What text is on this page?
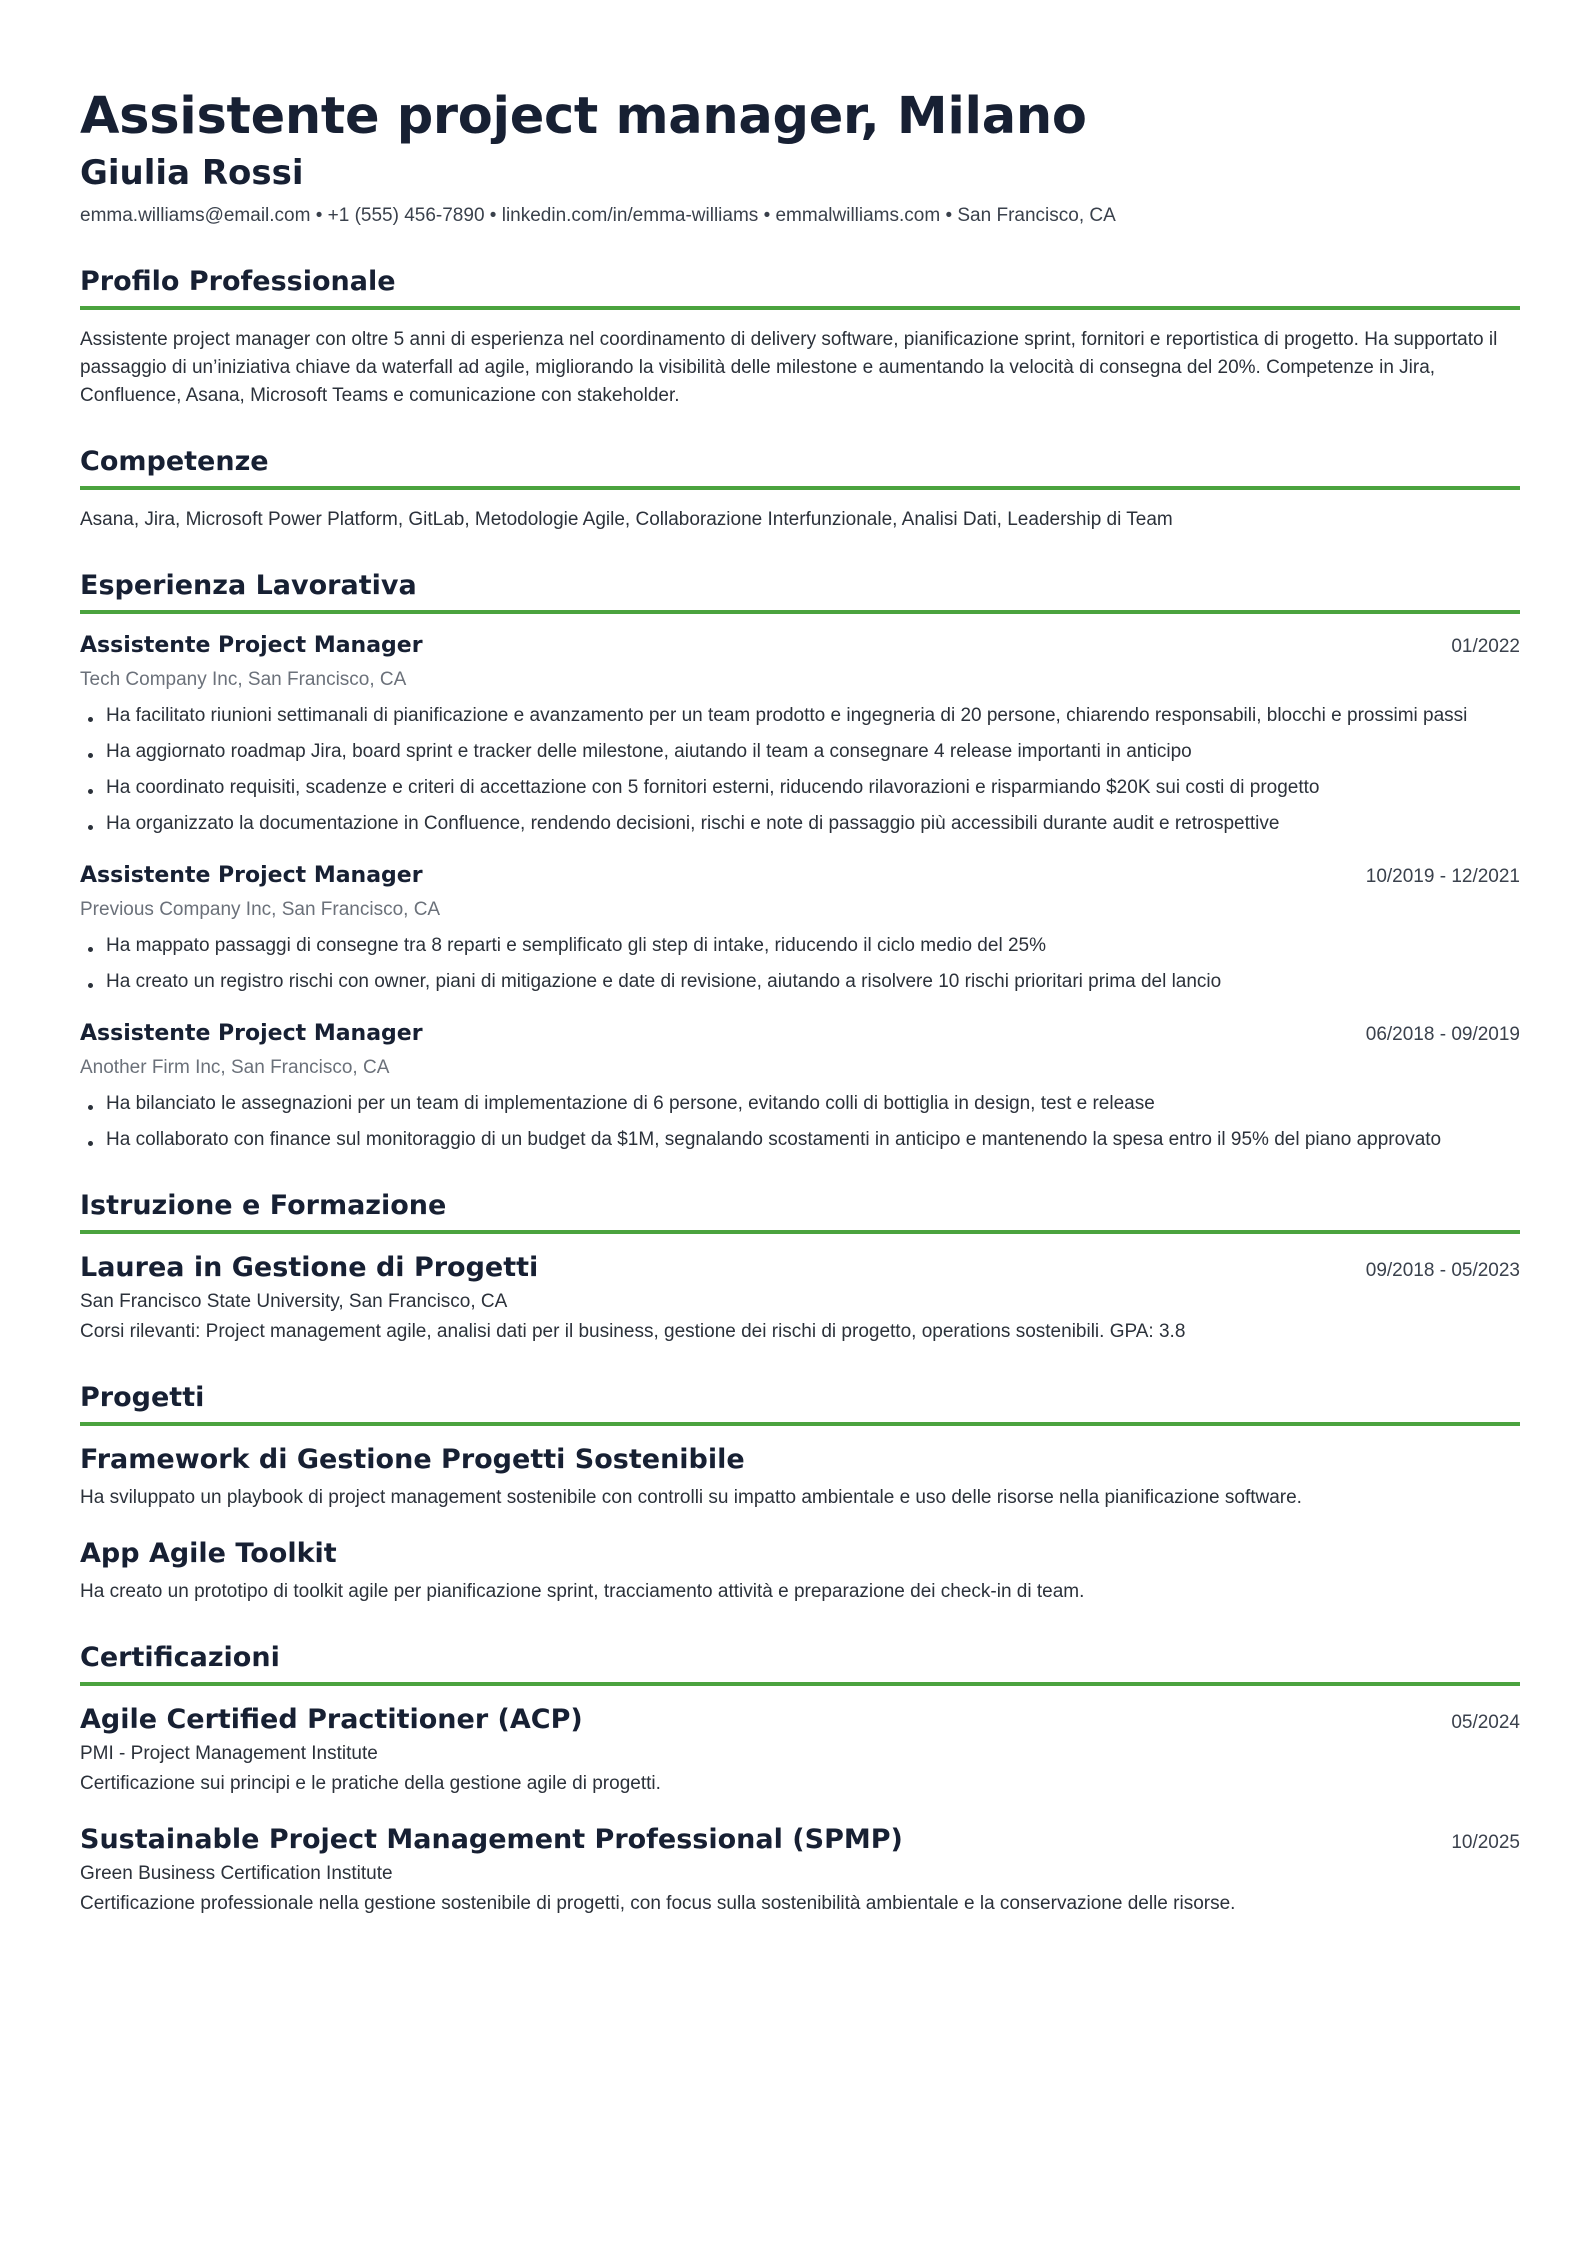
Assistente project manager, Milano
Giulia Rossi
emma.williams@email.com • +1 (555) 456-7890 • linkedin.com/in/emma-williams • emmalwilliams.com • San Francisco, CA
Profilo Professionale

Assistente project manager con oltre 5 anni di esperienza nel coordinamento di delivery software, pianificazione sprint, fornitori e reportistica di progetto. Ha supportato il passaggio di un’iniziativa chiave da waterfall ad agile, migliorando la visibilità delle milestone e aumentando la velocità di consegna del 20%. Competenze in Jira, Confluence, Asana, Microsoft Teams e comunicazione con stakeholder.

Competenze

Asana, Jira, Microsoft Power Platform, GitLab, Metodologie Agile, Collaborazione Interfunzionale, Analisi Dati, Leadership di Team

Esperienza Lavorativa
Assistente Project Manager	01/2022
Tech Company Inc, San Francisco, CA
Ha facilitato riunioni settimanali di pianificazione e avanzamento per un team prodotto e ingegneria di 20 persone, chiarendo responsabili, blocchi e prossimi passi
Ha aggiornato roadmap Jira, board sprint e tracker delle milestone, aiutando il team a consegnare 4 release importanti in anticipo
Ha coordinato requisiti, scadenze e criteri di accettazione con 5 fornitori esterni, riducendo rilavorazioni e risparmiando $20K sui costi di progetto
Ha organizzato la documentazione in Confluence, rendendo decisioni, rischi e note di passaggio più accessibili durante audit e retrospettive
Assistente Project Manager	10/2019 - 12/2021
Previous Company Inc, San Francisco, CA
Ha mappato passaggi di consegne tra 8 reparti e semplificato gli step di intake, riducendo il ciclo medio del 25%
Ha creato un registro rischi con owner, piani di mitigazione e date di revisione, aiutando a risolvere 10 rischi prioritari prima del lancio
Assistente Project Manager	06/2018 - 09/2019
Another Firm Inc, San Francisco, CA
Ha bilanciato le assegnazioni per un team di implementazione di 6 persone, evitando colli di bottiglia in design, test e release
Ha collaborato con finance sul monitoraggio di un budget da $1M, segnalando scostamenti in anticipo e mantenendo la spesa entro il 95% del piano approvato
Istruzione e Formazione
Laurea in Gestione di Progetti	09/2018 - 05/2023
San Francisco State University, San Francisco, CA
Corsi rilevanti: Project management agile, analisi dati per il business, gestione dei rischi di progetto, operations sostenibili. GPA: 3.8
Progetti
Framework di Gestione Progetti Sostenibile
Ha sviluppato un playbook di project management sostenibile con controlli su impatto ambientale e uso delle risorse nella pianificazione software.
App Agile Toolkit
Ha creato un prototipo di toolkit agile per pianificazione sprint, tracciamento attività e preparazione dei check-in di team.
Certificazioni
Agile Certified Practitioner (ACP)	05/2024
PMI - Project Management Institute
Certificazione sui principi e le pratiche della gestione agile di progetti.
Sustainable Project Management Professional (SPMP)	10/2025
Green Business Certification Institute
Certificazione professionale nella gestione sostenibile di progetti, con focus sulla sostenibilità ambientale e la conservazione delle risorse.
